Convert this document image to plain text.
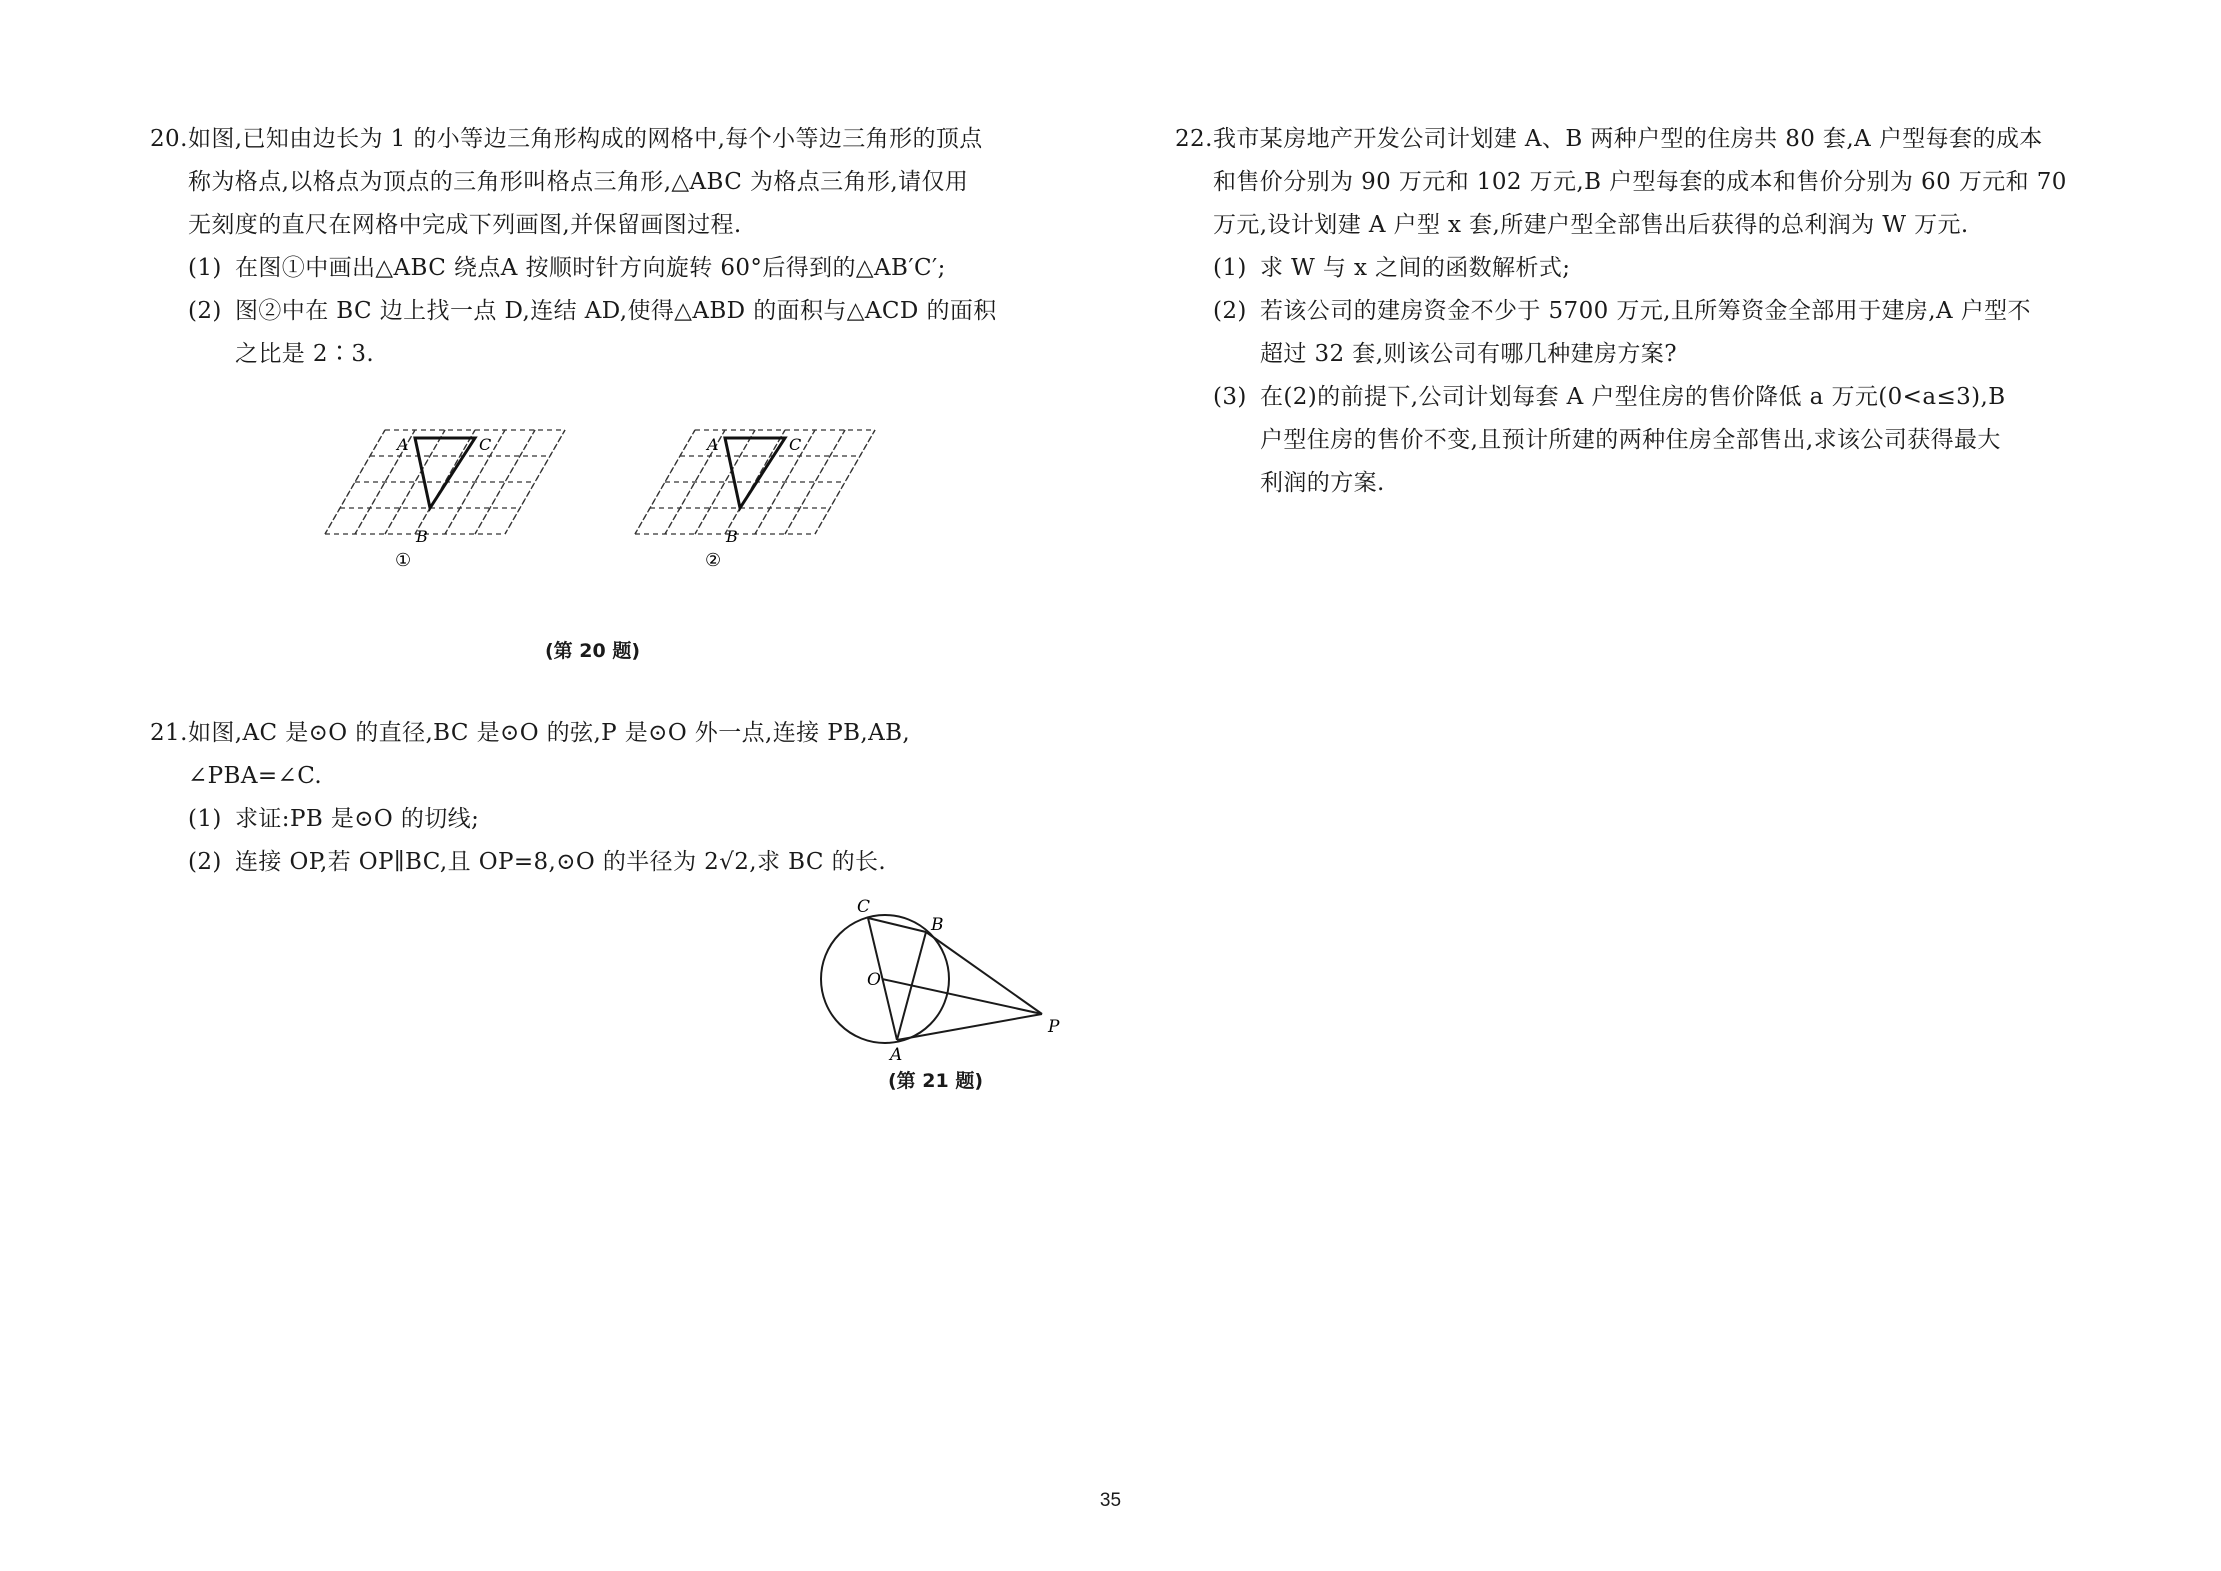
20. 如图,已知由边长为 1 的小等边三角形构成的网格中,每个小等边三角形的顶点
称为格点,以格点为顶点的三角形叫格点三角形,△ABC 为格点三角形,请仅用
无刻度的直尺在网格中完成下列画图,并保留画图过程.
(1) 在图①中画出△ABC 绕点A 按顺时针方向旋转 60°后得到的△AB′C′;
(2) 图②中在 BC 边上找一点 D,连结 AD,使得△ABD 的面积与△ACD 的面积
之比是 2∶3.
A	C
B
①
A	C
B
②
(第 20 题)
21. 如图,AC 是⊙O 的直径,BC 是⊙O 的弦,P 是⊙O 外一点,连接 PB,AB,
∠PBA=∠C.
(1) 求证:PB 是⊙O 的切线;
(2) 连接 OP,若 OP∥BC,且 OP=8,⊙O 的半径为 2√2,求 BC 的长.
C
B
O
P
A
(第 21 题)
22. 我市某房地产开发公司计划建 A、B 两种户型的住房共 80 套,A 户型每套的成本
和售价分别为 90 万元和 102 万元,B 户型每套的成本和售价分别为 60 万元和 70
万元,设计划建 A 户型 x 套,所建户型全部售出后获得的总利润为 W 万元.
(1) 求 W 与 x 之间的函数解析式;
(2) 若该公司的建房资金不少于 5700 万元,且所筹资金全部用于建房,A 户型不
超过 32 套,则该公司有哪几种建房方案?
(3) 在(2)的前提下,公司计划每套 A 户型住房的售价降低 a 万元(0<a≤3),B
户型住房的售价不变,且预计所建的两种住房全部售出,求该公司获得最大
利润的方案.
35
